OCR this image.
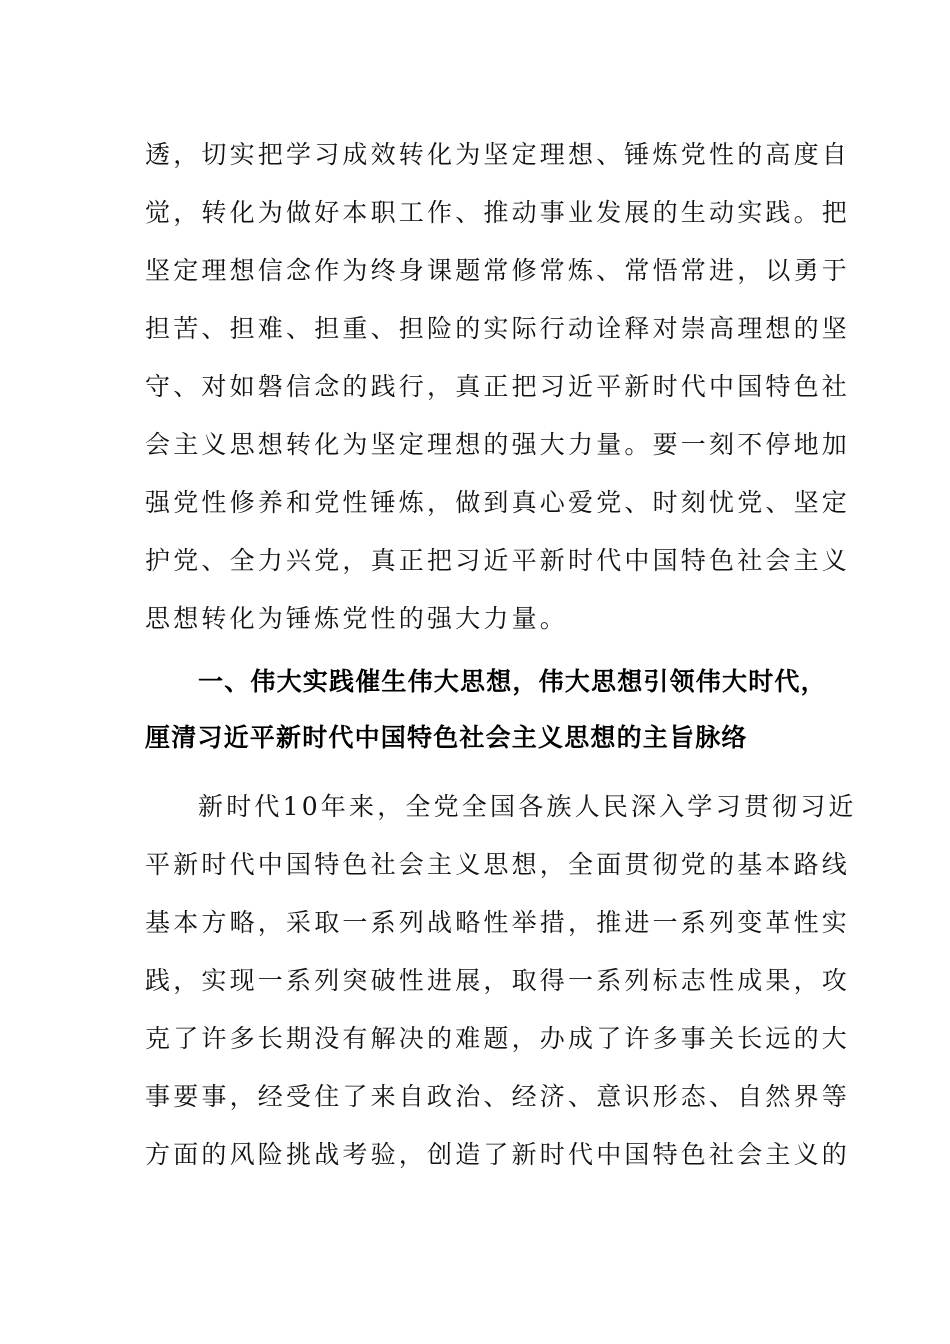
透，切实把学习成效转化为坚定理想、锤炼党性的高度自
觉，转化为做好本职工作、推动事业发展的生动实践。把
坚定理想信念作为终身课题常修常炼、常悟常进，以勇于
担苦、担难、担重、担险的实际行动诠释对崇高理想的坚
守、对如磐信念的践行，真正把习近平新时代中国特色社
会主义思想转化为坚定理想的强大力量。要一刻不停地加
强党性修养和党性锤炼，做到真心爱党、时刻忧党、坚定
护党、全力兴党，真正把习近平新时代中国特色社会主义
思想转化为锤炼党性的强大力量。
一、伟大实践催生伟大思想，伟大思想引领伟大时代，
厘清习近平新时代中国特色社会主义思想的主旨脉络
新时代10年来，全党全国各族人民深入学习贯彻习近
平新时代中国特色社会主义思想，全面贯彻党的基本路线
基本方略，采取一系列战略性举措，推进一系列变革性实
践，实现一系列突破性进展，取得一系列标志性成果，攻
克了许多长期没有解决的难题，办成了许多事关长远的大
事要事，经受住了来自政治、经济、意识形态、自然界等
方面的风险挑战考验，创造了新时代中国特色社会主义的
